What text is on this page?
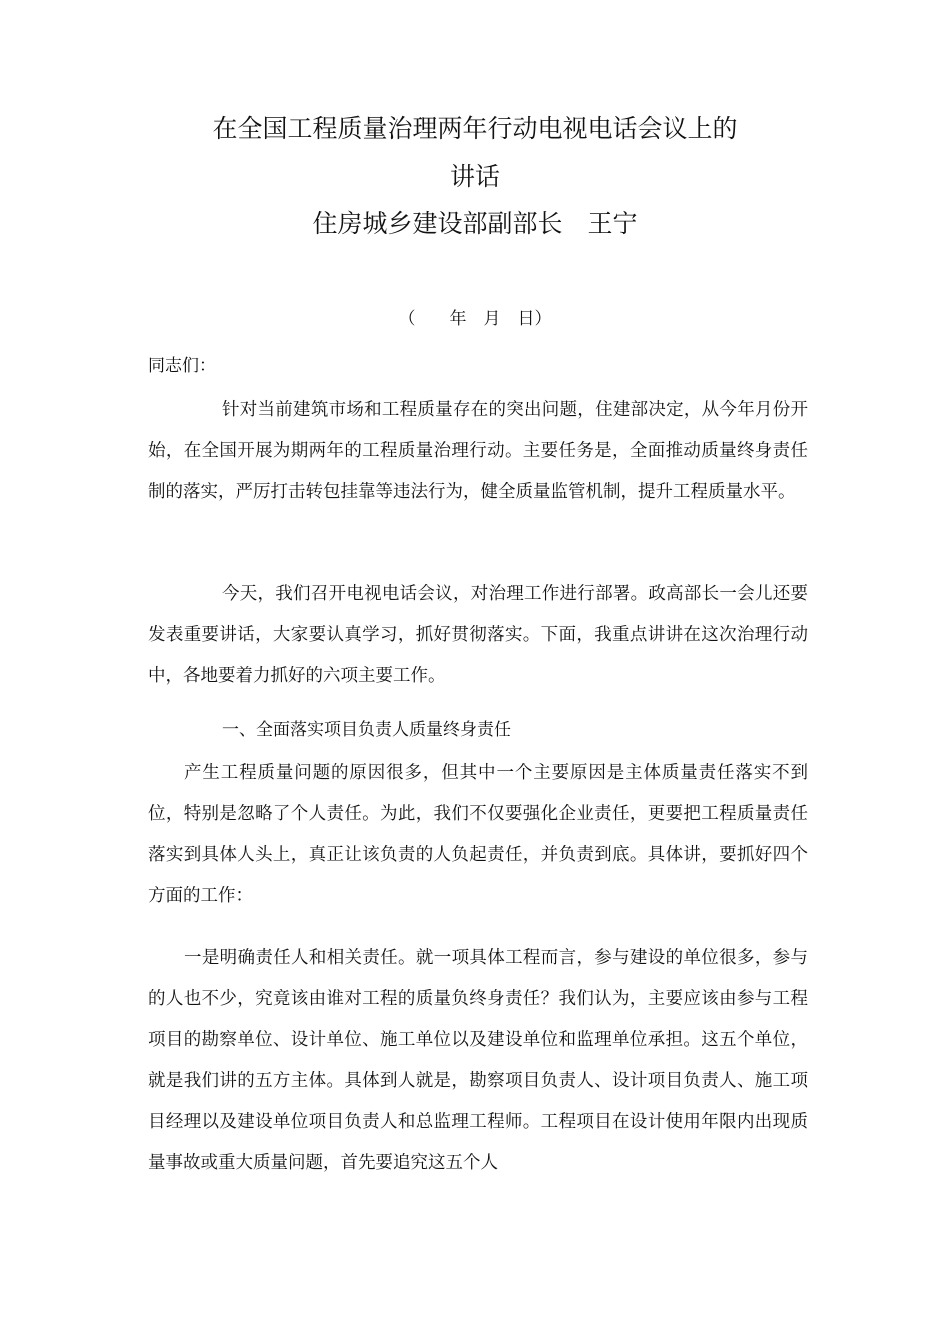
在全国工程质量治理两年行动电视电话会议上的
讲话
住房城乡建设部副部长　王宁
（　　年　月　日）
同志们：

针对当前建筑市场和工程质量存在的突出问题，住建部决定，从今年月份开始，在全国开展为期两年的工程质量治理行动。主要任务是，全面推动质量终身责任制的落实，严厉打击转包挂靠等违法行为，健全质量监管机制，提升工程质量水平。

今天，我们召开电视电话会议，对治理工作进行部署。政高部长一会儿还要发表重要讲话，大家要认真学习，抓好贯彻落实。下面，我重点讲讲在这次治理行动中，各地要着力抓好的六项主要工作。

一、全面落实项目负责人质量终身责任

产生工程质量问题的原因很多，但其中一个主要原因是主体质量责任落实不到位，特别是忽略了个人责任。为此，我们不仅要强化企业责任，更要把工程质量责任落实到具体人头上，真正让该负责的人负起责任，并负责到底。具体讲，要抓好四个方面的工作：

一是明确责任人和相关责任。就一项具体工程而言，参与建设的单位很多，参与的人也不少，究竟该由谁对工程的质量负终身责任？我们认为，主要应该由参与工程项目的勘察单位、设计单位、施工单位以及建设单位和监理单位承担。这五个单位，就是我们讲的五方主体。具体到人就是，勘察项目负责人、设计项目负责人、施工项目经理以及建设单位项目负责人和总监理工程师。工程项目在设计使用年限内出现质量事故或重大质量问题，首先要追究这五个人
